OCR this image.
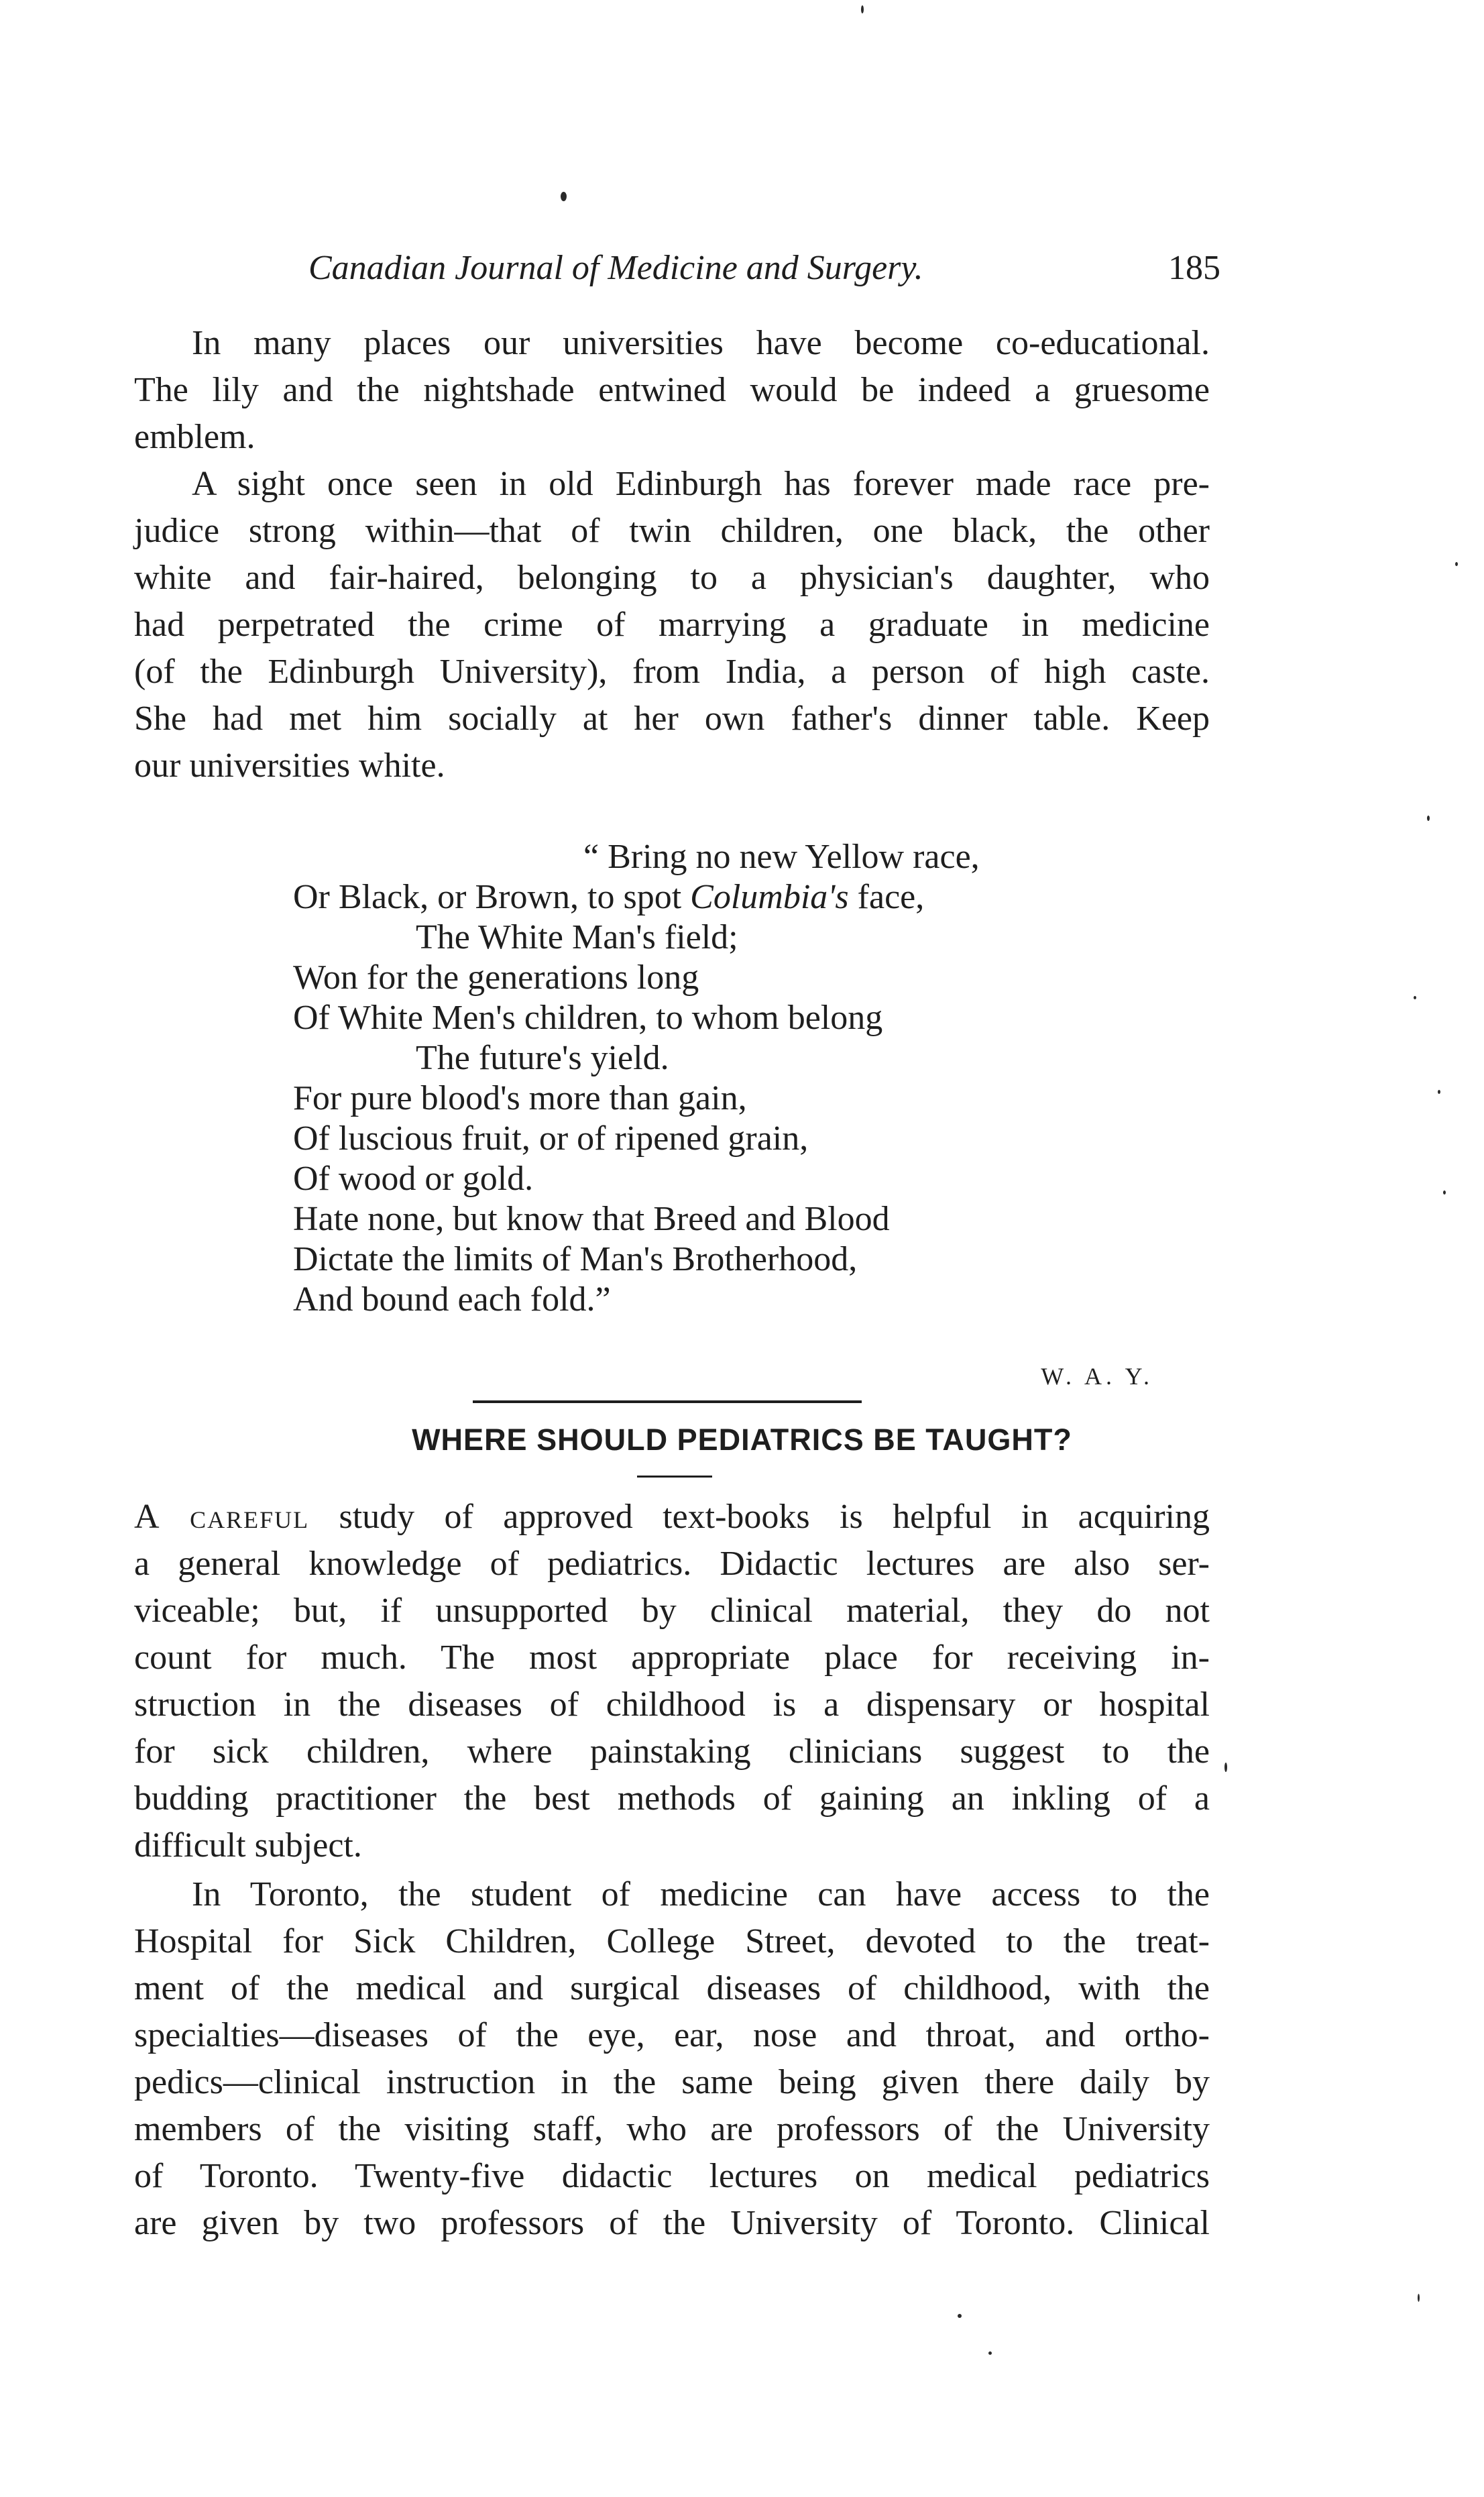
Canadian Journal of Medicine and Surgery.	185
In many places our universities have become co-educational.
The lily and the nightshade entwined would be indeed a gruesome
emblem.
A sight once seen in old Edinburgh has forever made race pre-
judice strong within—that of twin children, one black, the other
white and fair-haired, belonging to a physician's daughter, who
had perpetrated the crime of marrying a graduate in medicine
(of the Edinburgh University), from India, a person of high caste.
She had met him socially at her own father's dinner table. Keep
our universities white.
“ Bring no new Yellow race,
Or Black, or Brown, to spot Columbia's face,
The White Man's field;
Won for the generations long
Of White Men's children, to whom belong
The future's yield.
For pure blood's more than gain,
Of luscious fruit, or of ripened grain,
Of wood or gold.
Hate none, but know that Breed and Blood
Dictate the limits of Man's Brotherhood,
And bound each fold.”
W. A. Y.
WHERE SHOULD PEDIATRICS BE TAUGHT?
A careful study of approved text-books is helpful in acquiring
a general knowledge of pediatrics. Didactic lectures are also ser-
viceable; but, if unsupported by clinical material, they do not
count for much. The most appropriate place for receiving in-
struction in the diseases of childhood is a dispensary or hospital
for sick children, where painstaking clinicians suggest to the
budding practitioner the best methods of gaining an inkling of a
difficult subject.
In Toronto, the student of medicine can have access to the
Hospital for Sick Children, College Street, devoted to the treat-
ment of the medical and surgical diseases of childhood, with the
specialties—diseases of the eye, ear, nose and throat, and ortho-
pedics—clinical instruction in the same being given there daily by
members of the visiting staff, who are professors of the University
of Toronto. Twenty-five didactic lectures on medical pediatrics
are given by two professors of the University of Toronto. Clinical
